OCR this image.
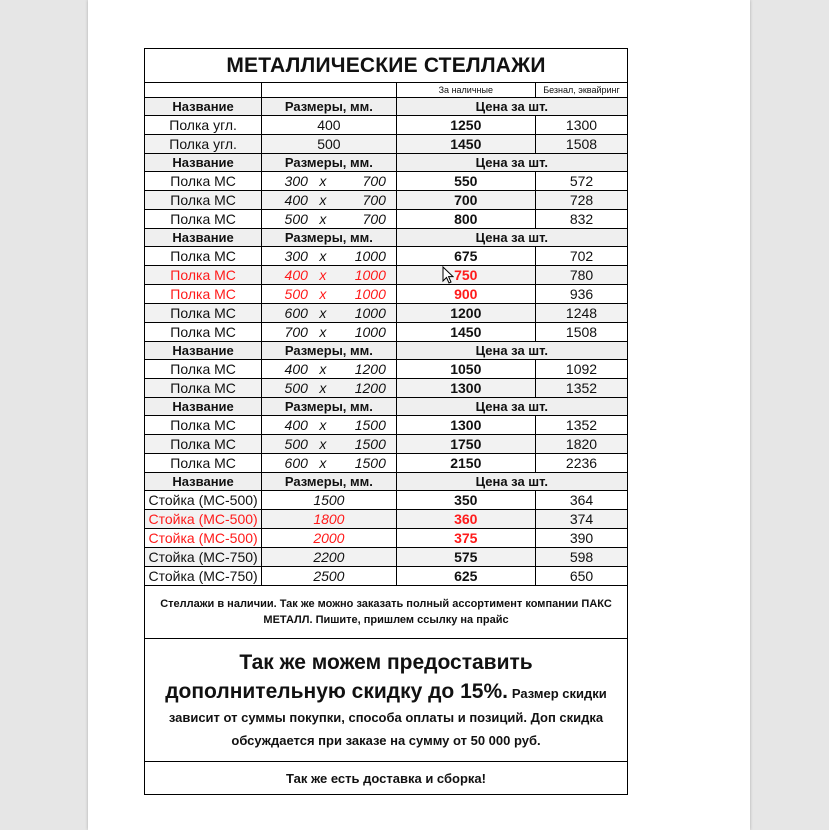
МЕТАЛЛИЧЕСКИЕ СТЕЛЛАЖИ			
		За наличные	Безнал, эквайринг
Название	Размеры, мм.	Цена за шт.	
Полка угл.	400	1250	1300
Полка угл.	500	1450	1508
Название	Размеры, мм.	Цена за шт.	
Полка МС	300 x 700	550	572
Полка МС	400 x 700	700	728
Полка МС	500 x 700	800	832
Название	Размеры, мм.	Цена за шт.	
Полка МС	300 x 1000	675	702
Полка МС	400 x 1000	750	780
Полка МС	500 x 1000	900	936
Полка МС	600 x 1000	1200	1248
Полка МС	700 x 1000	1450	1508
Название	Размеры, мм.	Цена за шт.	
Полка МС	400 x 1200	1050	1092
Полка МС	500 x 1200	1300	1352
Название	Размеры, мм.	Цена за шт.	
Полка МС	400 x 1500	1300	1352
Полка МС	500 x 1500	1750	1820
Полка МС	600 x 1500	2150	2236
Название	Размеры, мм.	Цена за шт.	
Стойка (МС-500)	1500	350	364
Стойка (МС-500)	1800	360	374
Стойка (МС-500)	2000	375	390
Стойка (МС-750)	2200	575	598
Стойка (МС-750)	2500	625	650
Стеллажи в наличии. Так же можно заказать полный ассортимент компании ПАКС МЕТАЛЛ. Пишите, пришлем ссылку на прайс			
Так же можем предоставить дополнительную скидку до 15%. Размер скидки зависит от суммы покупки, способа оплаты и позиций. Доп скидка обсуждается при заказе на сумму от 50 000 руб.			
Так же есть доставка и сборка!			
